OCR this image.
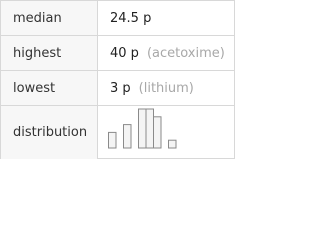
median	24.5 p
highest	40 p (acetoxime)
lowest	3 p (lithium)
distribution
